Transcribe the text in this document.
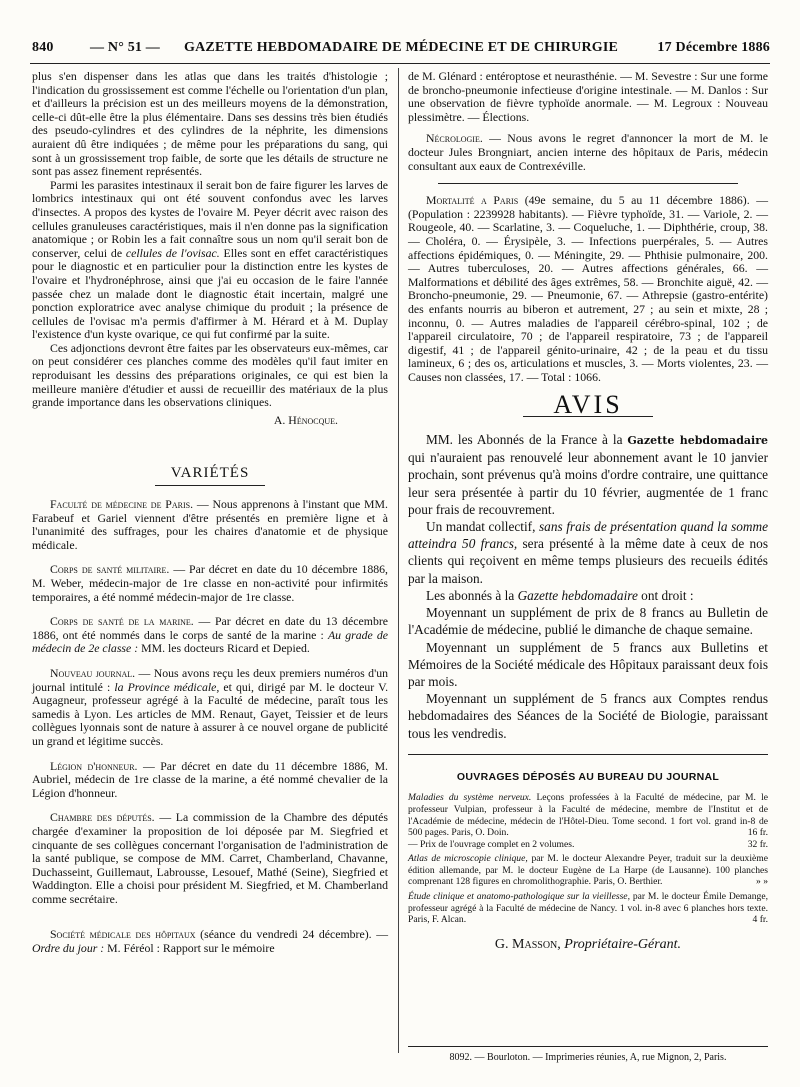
840	— N° 51 — GAZETTE HEBDOMADAIRE DE MÉDECINE ET DE CHIRURGIE	17 Décembre 1886

plus s'en dispenser dans les atlas que dans les traités d'histologie ; l'indication du grossissement est comme l'échelle ou l'orientation d'un plan, et d'ailleurs la précision est un des meilleurs moyens de la démonstration, celle-ci dût-elle être la plus élémentaire. Dans ses dessins très bien étudiés des pseudo-cylindres et des cylindres de la néphrite, les dimensions auraient dû être indiquées ; de même pour les préparations du sang, qui sont à un grossissement trop faible, de sorte que les détails de structure ne sont pas assez finement représentés.

Parmi les parasites intestinaux il serait bon de faire figurer les larves de lombrics intestinaux qui ont été souvent confondus avec les larves d'insectes. A propos des kystes de l'ovaire M. Peyer décrit avec raison des cellules granuleuses caractéristiques, mais il n'en donne pas la signification anatomique ; or Robin les a fait connaître sous un nom qu'il serait bon de conserver, celui de cellules de l'ovisac. Elles sont en effet caractéristiques pour le diagnostic et en particulier pour la distinction entre les kystes de l'ovaire et l'hydronéphrose, ainsi que j'ai eu occasion de le faire l'année passée chez un malade dont le diagnostic était incertain, malgré une ponction exploratrice avec analyse chimique du produit ; la présence de cellules de l'ovisac m'a permis d'affirmer à M. Hérard et à M. Duplay l'existence d'un kyste ovarique, ce qui fut confirmé par la suite.

Ces adjonctions devront être faites par les observateurs eux-mêmes, car on peut considérer ces planches comme des modèles qu'il faut imiter en reproduisant les dessins des préparations originales, ce qui est bien la meilleure manière d'étudier et aussi de recueillir des matériaux de la plus grande importance dans les observations cliniques.

A. Hénocque.
VARIÉTÉS

Faculté de médecine de Paris. — Nous apprenons à l'instant que MM. Farabeuf et Gariel viennent d'être présentés en première ligne et à l'unanimité des suffrages, pour les chaires d'anatomie et de physique médicale.

Corps de santé militaire. — Par décret en date du 10 décembre 1886, M. Weber, médecin-major de 1re classe en non-activité pour infirmités temporaires, a été nommé médecin-major de 1re classe.

Corps de santé de la marine. — Par décret en date du 13 décembre 1886, ont été nommés dans le corps de santé de la marine : Au grade de médecin de 2e classe : MM. les docteurs Ricard et Depied.

Nouveau journal. — Nous avons reçu les deux premiers numéros d'un journal intitulé : la Province médicale, et qui, dirigé par M. le docteur V. Augagneur, professeur agrégé à la Faculté de médecine, paraît tous les samedis à Lyon. Les articles de MM. Renaut, Gayet, Teissier et de leurs collègues lyonnais sont de nature à assurer à ce nouvel organe de publicité un grand et légitime succès.

Légion d'honneur. — Par décret en date du 11 décembre 1886, M. Aubriel, médecin de 1re classe de la marine, a été nommé chevalier de la Légion d'honneur.

Chambre des députés. — La commission de la Chambre des députés chargée d'examiner la proposition de loi déposée par M. Siegfried et cinquante de ses collègues concernant l'organisation de l'administration de la santé publique, se compose de MM. Carret, Chamberland, Chavanne, Duchasseint, Guillemaut, Labrousse, Lesouef, Mathé (Seine), Siegfried et Waddington. Elle a choisi pour président M. Siegfried, et M. Chamberland comme secrétaire.

Société médicale des hôpitaux (séance du vendredi 24 décembre). — Ordre du jour : M. Féréol : Rapport sur le mémoire

de M. Glénard : entéroptose et neurasthénie. — M. Sevestre : Sur une forme de broncho-pneumonie infectieuse d'origine intestinale. — M. Danlos : Sur une observation de fièvre typhoïde anormale. — M. Legroux : Nouveau plessimètre. — Élections.

Nécrologie. — Nous avons le regret d'annoncer la mort de M. le docteur Jules Brongniart, ancien interne des hôpitaux de Paris, médecin consultant aux eaux de Contrexéville.

Mortalité a Paris (49e semaine, du 5 au 11 décembre 1886). — (Population : 2239928 habitants). — Fièvre typhoïde, 31. — Variole, 2. — Rougeole, 40. — Scarlatine, 3. — Coqueluche, 1. — Diphthérie, croup, 38. — Choléra, 0. — Érysipèle, 3. — Infections puerpérales, 5. — Autres affections épidémiques, 0. — Méningite, 29. — Phthisie pulmonaire, 200. — Autres tuberculoses, 20. — Autres affections générales, 66. — Malformations et débilité des âges extrêmes, 58. — Bronchite aiguë, 42. — Broncho-pneumonie, 29. — Pneumonie, 67. — Athrepsie (gastro-entérite) des enfants nourris au biberon et autrement, 27 ; au sein et mixte, 28 ; inconnu, 0. — Autres maladies de l'appareil cérébro-spinal, 102 ; de l'appareil circulatoire, 70 ; de l'appareil respiratoire, 73 ; de l'appareil digestif, 41 ; de l'appareil génito-urinaire, 42 ; de la peau et du tissu lamineux, 6 ; des os, articulations et muscles, 3. — Morts violentes, 23. — Causes non classées, 17. — Total : 1066.

AVIS

MM. les Abonnés de la France à la Gazette hebdomadaire qui n'auraient pas renouvelé leur abonnement avant le 10 janvier prochain, sont prévenus qu'à moins d'ordre contraire, une quittance leur sera présentée à partir du 10 février, augmentée de 1 franc pour frais de recouvrement.

Un mandat collectif, sans frais de présentation quand la somme atteindra 50 francs, sera présenté à la même date à ceux de nos clients qui reçoivent en même temps plusieurs des recueils édités par la maison.

Les abonnés à la Gazette hebdomadaire ont droit :

Moyennant un supplément de prix de 8 francs au Bulletin de l'Académie de médecine, publié le dimanche de chaque semaine.

Moyennant un supplément de 5 francs aux Bulletins et Mémoires de la Société médicale des Hôpitaux paraissant deux fois par mois.

Moyennant un supplément de 5 francs aux Comptes rendus hebdomadaires des Séances de la Société de Biologie, paraissant tous les vendredis.

OUVRAGES DÉPOSÉS AU BUREAU DU JOURNAL

Maladies du système nerveux. Leçons professées à la Faculté de médecine, par M. le professeur Vulpian, professeur à la Faculté de médecine, membre de l'Institut et de l'Académie de médecine, médecin de l'Hôtel-Dieu. Tome second. 1 fort vol. grand in-8 de 500 pages. Paris, O. Doin.	16 fr.

— Prix de l'ouvrage complet en 2 volumes.	32 fr.

Atlas de microscopie clinique, par M. le docteur Alexandre Peyer, traduit sur la deuxième édition allemande, par M. le docteur Eugène de La Harpe (de Lausanne). 100 planches comprenant 128 figures en chromolithographie. Paris, O. Berthier.	» »

Étude clinique et anatomo-pathologique sur la vieillesse, par M. le docteur Émile Demange, professeur agrégé à la Faculté de médecine de Nancy. 1 vol. in-8 avec 6 planches hors texte. Paris, F. Alcan.	4 fr.

G. Masson, Propriétaire-Gérant.
8092. — Bourloton. — Imprimeries réunies, A, rue Mignon, 2, Paris.
